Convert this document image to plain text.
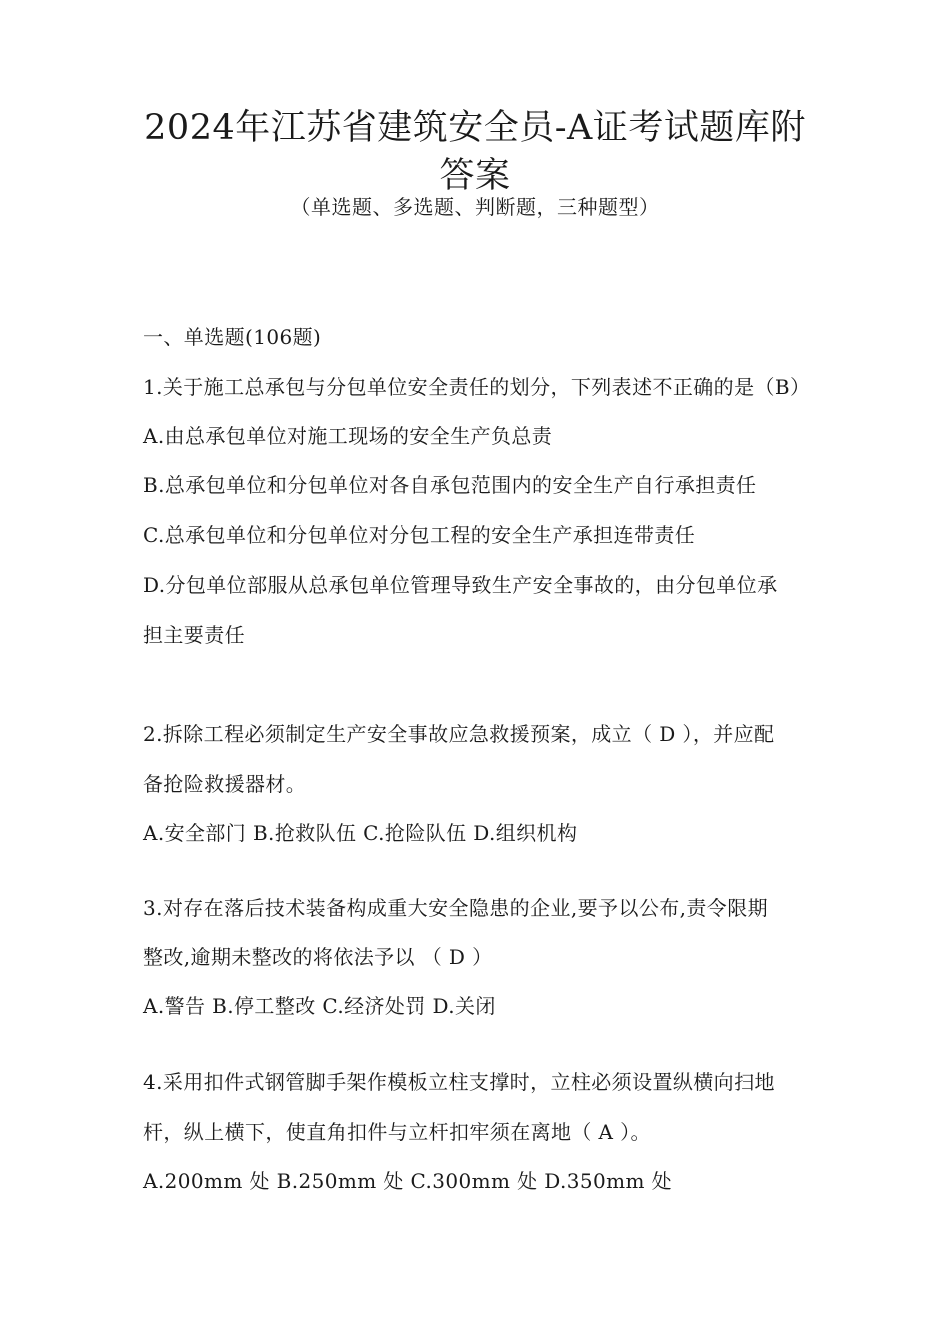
2024年江苏省建筑安全员-A证考试题库附
答案
（单选题、多选题、判断题，三种题型）
一、单选题(106题)
1.关于施工总承包与分包单位安全责任的划分，下列表述不正确的是（B）
A.由总承包单位对施工现场的安全生产负总责
B.总承包单位和分包单位对各自承包范围内的安全生产自行承担责任
C.总承包单位和分包单位对分包工程的安全生产承担连带责任
D.分包单位部服从总承包单位管理导致生产安全事故的，由分包单位承
担主要责任
2.拆除工程必须制定生产安全事故应急救援预案，成立（ D ），并应配
备抢险救援器材。
A.安全部门 B.抢救队伍 C.抢险队伍 D.组织机构
3.对存在落后技术装备构成重大安全隐患的企业,要予以公布,责令限期
整改,逾期未整改的将依法予以 （ D ）
A.警告 B.停工整改 C.经济处罚 D.关闭
4.采用扣件式钢管脚手架作模板立柱支撑时，立柱必须设置纵横向扫地
杆，纵上横下，使直角扣件与立杆扣牢须在离地（ A ）。
A.200mm 处 B.250mm 处 C.300mm 处 D.350mm 处
